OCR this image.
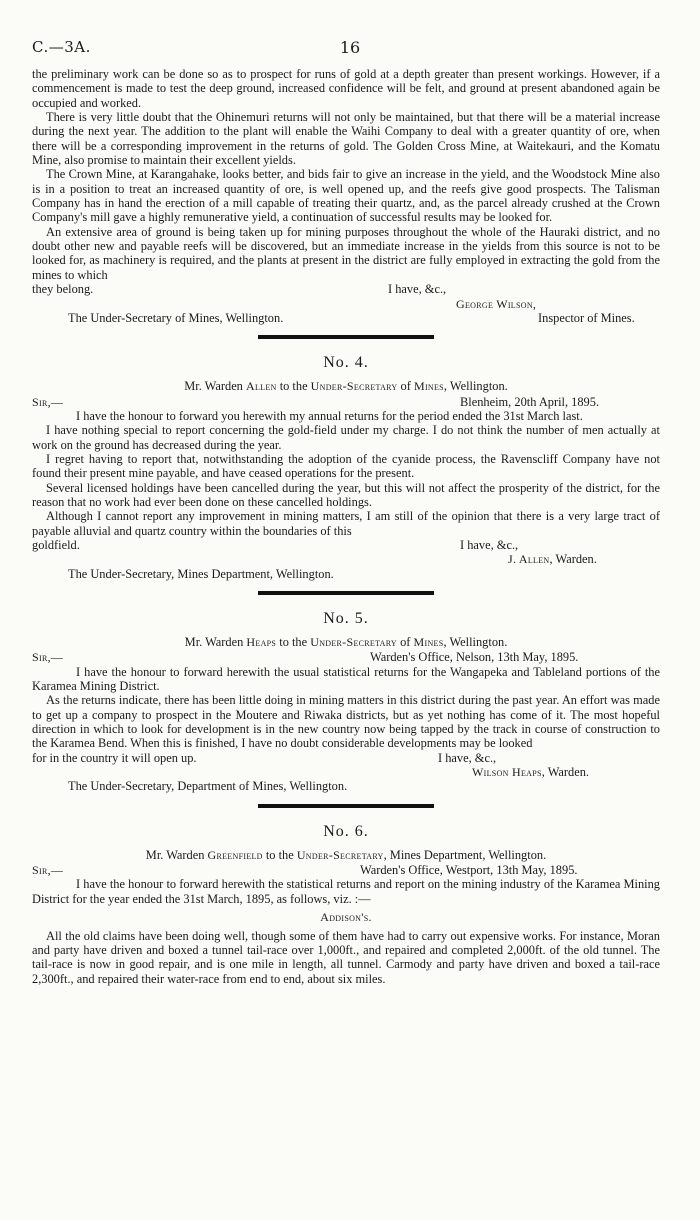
C.—3A.	16

the preliminary work can be done so as to prospect for runs of gold at a depth greater than present workings. However, if a commencement is made to test the deep ground, increased confidence will be felt, and ground at present abandoned again be occupied and worked.

There is very little doubt that the Ohinemuri returns will not only be maintained, but that there will be a material increase during the next year. The addition to the plant will enable the Waihi Company to deal with a greater quantity of ore, when there will be a corresponding improvement in the returns of gold. The Golden Cross Mine, at Waitekauri, and the Komatu Mine, also promise to maintain their excellent yields.

The Crown Mine, at Karangahake, looks better, and bids fair to give an increase in the yield, and the Woodstock Mine also is in a position to treat an increased quantity of ore, is well opened up, and the reefs give good prospects. The Talisman Company has in hand the erection of a mill capable of treating their quartz, and, as the parcel already crushed at the Crown Company's mill gave a highly remunerative yield, a continuation of successful results may be looked for.

An extensive area of ground is being taken up for mining purposes throughout the whole of the Hauraki district, and no doubt other new and payable reefs will be discovered, but an immediate increase in the yields from this source is not to be looked for, as machinery is required, and the plants at present in the district are fully employed in extracting the gold from the mines to which

they belong.	I have, &c.,
George Wilson,
The Under-Secretary of Mines, Wellington.	Inspector of Mines.
No. 4.
Mr. Warden Allen to the Under-Secretary of Mines, Wellington.
Sir,—	Blenheim, 20th April, 1895.

I have the honour to forward you herewith my annual returns for the period ended the 31st March last.

I have nothing special to report concerning the gold-field under my charge. I do not think the number of men actually at work on the ground has decreased during the year.

I regret having to report that, notwithstanding the adoption of the cyanide process, the Ravenscliff Company have not found their present mine payable, and have ceased operations for the present.

Several licensed holdings have been cancelled during the year, but this will not affect the prosperity of the district, for the reason that no work had ever been done on these cancelled holdings.

Although I cannot report any improvement in mining matters, I am still of the opinion that there is a very large tract of payable alluvial and quartz country within the boundaries of this

goldfield.	I have, &c.,
J. Allen, Warden.
The Under-Secretary, Mines Department, Wellington.
No. 5.
Mr. Warden Heaps to the Under-Secretary of Mines, Wellington.
Sir,—	Warden's Office, Nelson, 13th May, 1895.

I have the honour to forward herewith the usual statistical returns for the Wangapeka and Tableland portions of the Karamea Mining District.

As the returns indicate, there has been little doing in mining matters in this district during the past year. An effort was made to get up a company to prospect in the Moutere and Riwaka districts, but as yet nothing has come of it. The most hopeful direction in which to look for development is in the new country now being tapped by the track in course of construction to the Karamea Bend. When this is finished, I have no doubt considerable developments may be looked

for in the country it will open up.	I have, &c.,
Wilson Heaps, Warden.
The Under-Secretary, Department of Mines, Wellington.
No. 6.
Mr. Warden Greenfield to the Under-Secretary, Mines Department, Wellington.
Sir,—	Warden's Office, Westport, 13th May, 1895.

I have the honour to forward herewith the statistical returns and report on the mining industry of the Karamea Mining District for the year ended the 31st March, 1895, as follows, viz. :—

Addison's.

All the old claims have been doing well, though some of them have had to carry out expensive works. For instance, Moran and party have driven and boxed a tunnel tail-race over 1,000ft., and repaired and completed 2,000ft. of the old tunnel. The tail-race is now in good repair, and is one mile in length, all tunnel. Carmody and party have driven and boxed a tail-race 2,300ft., and repaired their water-race from end to end, about six miles.
